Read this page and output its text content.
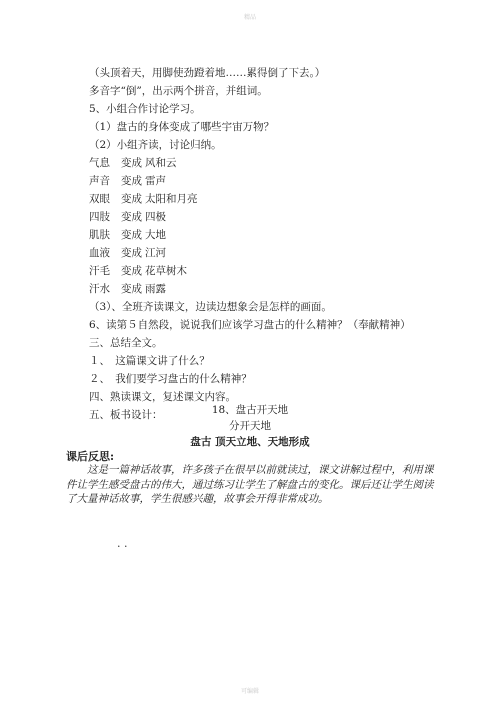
精品
（头顶着天，用脚使劲蹬着地……累得倒了下去。）
多音字“倒”，出示两个拼音，并组词。
5、小组合作讨论学习。
（1）盘古的身体变成了哪些宇宙万物？
（2）小组齐读，讨论归纳。
气息 变成 风和云
声音 变成 雷声
双眼 变成 太阳和月亮
四肢 变成 四极
肌肤 变成 大地
血液 变成 江河
汗毛 变成 花草树木
汗水 变成 雨露
（3）、全班齐读课文，边读边想象会是怎样的画面。
6、读第５自然段，说说我们应该学习盘古的什么精神？（奉献精神）
三、总结全文。
１、　这篇课文讲了什么？
２、　我们要学习盘古的什么精神？
四、熟读课文，复述课文内容。
五、板书设计：	18、盘古开天地
分开天地
盘古 顶天立地、天地形成
课后反思:
这是一篇神话故事，许多孩子在很早以前就读过，课文讲解过程中，利用课件让学生感受盘古的伟大，通过练习让学生了解盘古的变化。课后还让学生阅读了大量神话故事，学生很感兴趣，故事会开得非常成功。
. .
可编辑
